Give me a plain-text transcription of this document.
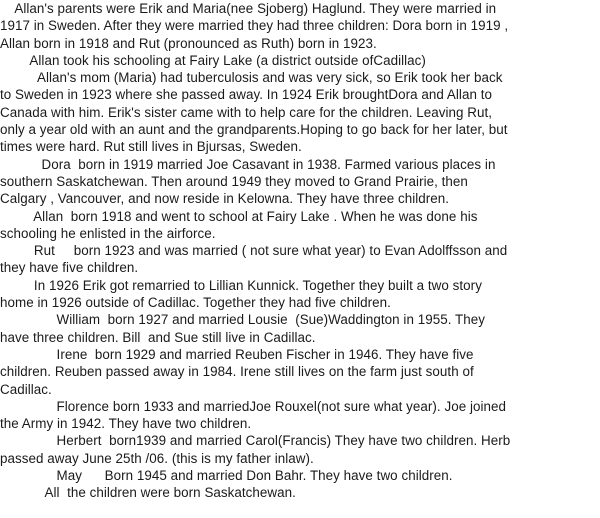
Allan's parents were Erik and Maria(nee Sjoberg) Haglund. They were married in
1917 in Sweden. After they were married they had three children: Dora born in 1919 ,
Allan born in 1918 and Rut (pronounced as Ruth) born in 1923.
Allan took his schooling at Fairy Lake (a district outside ofCadillac)
Allan's mom (Maria) had tuberculosis and was very sick, so Erik took her back
to Sweden in 1923 where she passed away. In 1924 Erik broughtDora and Allan to
Canada with him. Erik's sister came with to help care for the children. Leaving Rut,
only a year old with an aunt and the grandparents.Hoping to go back for her later, but
times were hard. Rut still lives in Bjursas, Sweden.
Dora  born in 1919 married Joe Casavant in 1938. Farmed various places in
southern Saskatchewan. Then around 1949 they moved to Grand Prairie, then
Calgary , Vancouver, and now reside in Kelowna. They have three children.
Allan  born 1918 and went to school at Fairy Lake . When he was done his
schooling he enlisted in the airforce.
Rut     born 1923 and was married ( not sure what year) to Evan Adolffsson and
they have five children.
In 1926 Erik got remarried to Lillian Kunnick. Together they built a two story
home in 1926 outside of Cadillac. Together they had five children.
William  born 1927 and married Lousie  (Sue)Waddington in 1955. They
have three children. Bill  and Sue still live in Cadillac.
Irene  born 1929 and married Reuben Fischer in 1946. They have five
children. Reuben passed away in 1984. Irene still lives on the farm just south of
Cadillac.
Florence born 1933 and marriedJoe Rouxel(not sure what year). Joe joined
the Army in 1942. They have two children.
Herbert  born1939 and married Carol(Francis) They have two children. Herb
passed away June 25th /06. (this is my father inlaw).
May      Born 1945 and married Don Bahr. They have two children.
All  the children were born Saskatchewan.
